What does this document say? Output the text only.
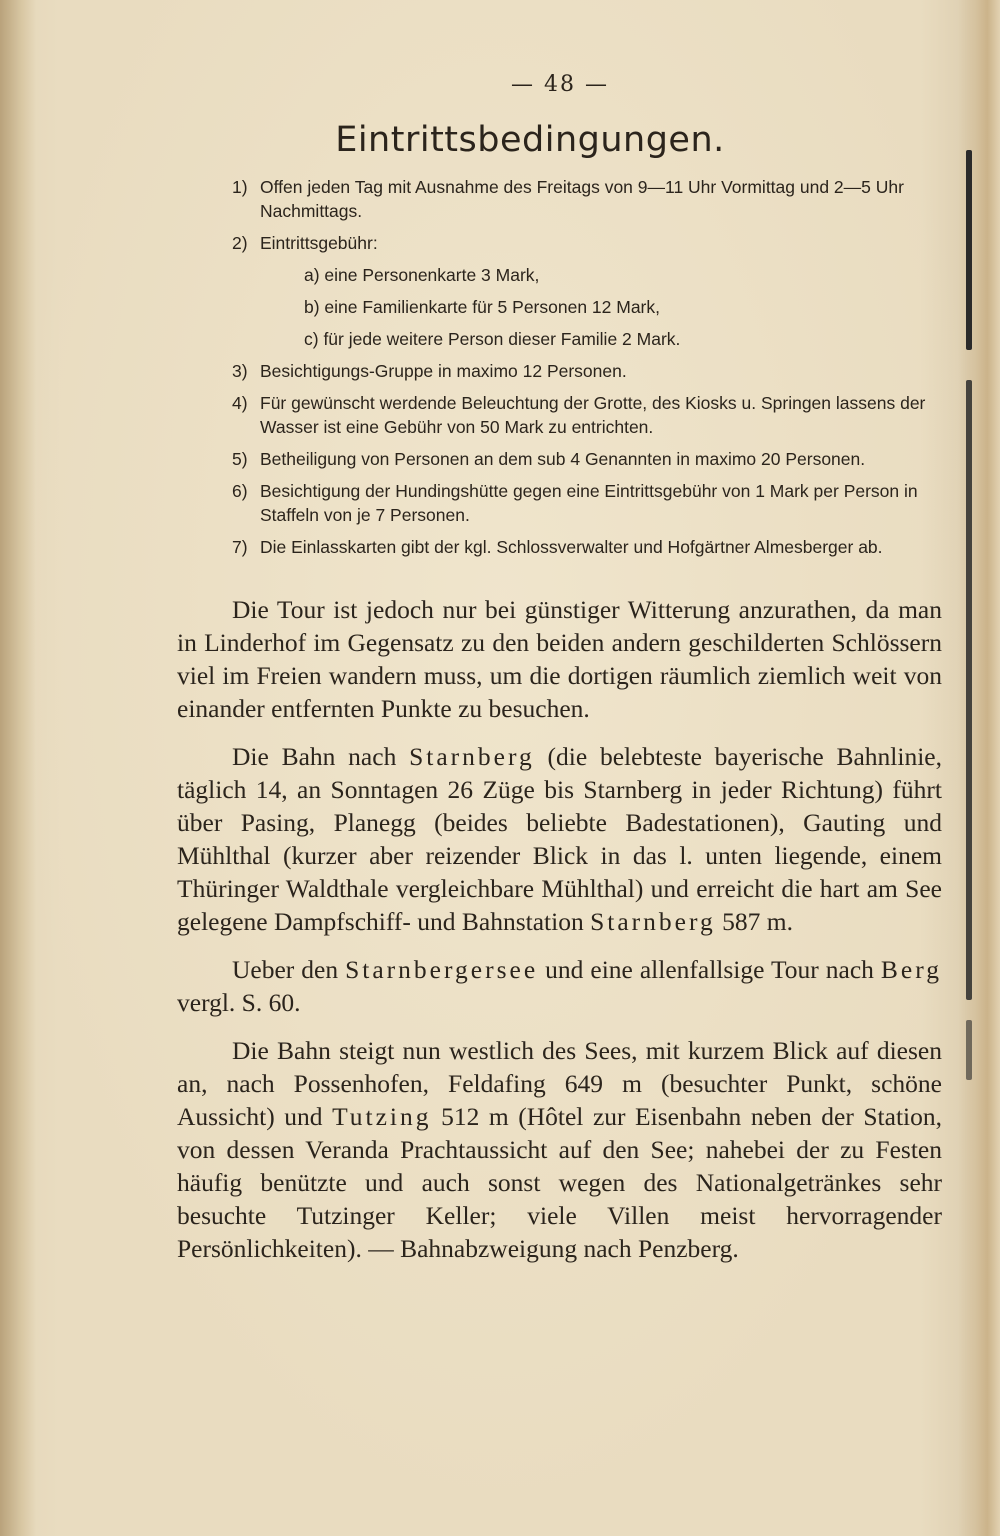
— 48 —
Eintrittsbedingungen.
1) Offen jeden Tag mit Ausnahme des Freitags von 9—11 Uhr Vormittag und 2—5 Uhr Nachmittags.
2) Eintrittsgebühr:
a) eine Personenkarte 3 Mark,
b) eine Familienkarte für 5 Personen 12 Mark,
c) für jede weitere Person dieser Familie 2 Mark.
3) Besichtigungs-Gruppe in maximo 12 Personen.
4) Für gewünscht werdende Beleuchtung der Grotte, des Kiosks u. Springen lassens der Wasser ist eine Gebühr von 50 Mark zu entrichten.
5) Betheiligung von Personen an dem sub 4 Genannten in maximo 20 Personen.
6) Besichtigung der Hundingshütte gegen eine Eintrittsgebühr von 1 Mark per Person in Staffeln von je 7 Personen.
7) Die Einlasskarten gibt der kgl. Schlossverwalter und Hofgärtner Almesberger ab.

Die Tour ist jedoch nur bei günstiger Witterung anzurathen, da man in Linderhof im Gegensatz zu den beiden andern geschilderten Schlössern viel im Freien wandern muss, um die dortigen räumlich ziemlich weit von einander entfernten Punkte zu besuchen.

Die Bahn nach Starnberg (die belebteste bayerische Bahnlinie, täglich 14, an Sonntagen 26 Züge bis Starnberg in jeder Richtung) führt über Pasing, Planegg (beides beliebte Badestationen), Gauting und Mühlthal (kurzer aber reizender Blick in das l. unten liegende, einem Thüringer Waldthale vergleichbare Mühlthal) und erreicht die hart am See gelegene Dampfschiff- und Bahnstation Starnberg 587 m.

Ueber den Starnbergersee und eine allenfallsige Tour nach Berg vergl. S. 60.

Die Bahn steigt nun westlich des Sees, mit kurzem Blick auf diesen an, nach Possenhofen, Feldafing 649 m (besuchter Punkt, schöne Aussicht) und Tutzing 512 m (Hôtel zur Eisenbahn neben der Station, von dessen Veranda Prachtaussicht auf den See; nahebei der zu Festen häufig benützte und auch sonst wegen des Nationalgetränkes sehr besuchte Tutzinger Keller; viele Villen meist hervorragender Persönlichkeiten). — Bahnabzweigung nach Penzberg.
